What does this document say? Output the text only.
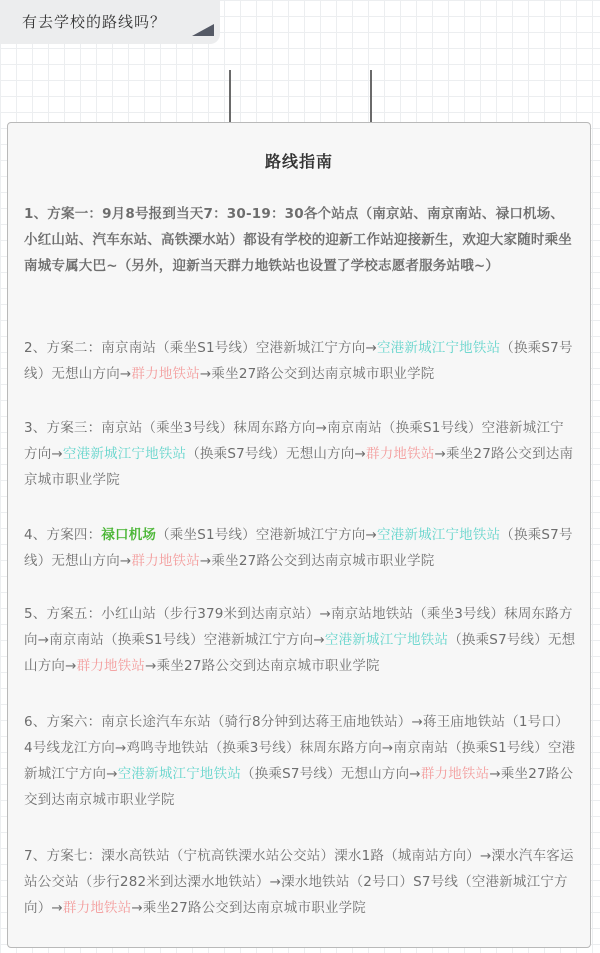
有去学校的路线吗？
路线指南

1、方案一：9月8号报到当天7：30-19：30各个站点（南京站、南京南站、禄口机场、小红山站、汽车东站、高铁溧水站）都设有学校的迎新工作站迎接新生，欢迎大家随时乘坐南城专属大巴~（另外，迎新当天群力地铁站也设置了学校志愿者服务站哦~）

2、方案二：南京南站（乘坐S1号线）空港新城江宁方向→空港新城江宁地铁站（换乘S7号线）无想山方向→群力地铁站→乘坐27路公交到达南京城市职业学院

3、方案三：南京站（乘坐3号线）秣周东路方向→南京南站（换乘S1号线）空港新城江宁方向→空港新城江宁地铁站（换乘S7号线）无想山方向→群力地铁站→乘坐27路公交到达南京城市职业学院

4、方案四：禄口机场（乘坐S1号线）空港新城江宁方向→空港新城江宁地铁站（换乘S7号线）无想山方向→群力地铁站→乘坐27路公交到达南京城市职业学院

5、方案五：小红山站（步行379米到达南京站）→南京站地铁站（乘坐3号线）秣周东路方向→南京南站（换乘S1号线）空港新城江宁方向→空港新城江宁地铁站（换乘S7号线）无想山方向→群力地铁站→乘坐27路公交到达南京城市职业学院

6、方案六：南京长途汽车东站（骑行8分钟到达蒋王庙地铁站）→蒋王庙地铁站（1号口）4号线龙江方向→鸡鸣寺地铁站（换乘3号线）秣周东路方向→南京南站（换乘S1号线）空港新城江宁方向→空港新城江宁地铁站（换乘S7号线）无想山方向→群力地铁站→乘坐27路公交到达南京城市职业学院

7、方案七：溧水高铁站（宁杭高铁溧水站公交站）溧水1路（城南站方向）→溧水汽车客运站公交站（步行282米到达溧水地铁站）→溧水地铁站（2号口）S7号线（空港新城江宁方向）→群力地铁站→乘坐27路公交到达南京城市职业学院
